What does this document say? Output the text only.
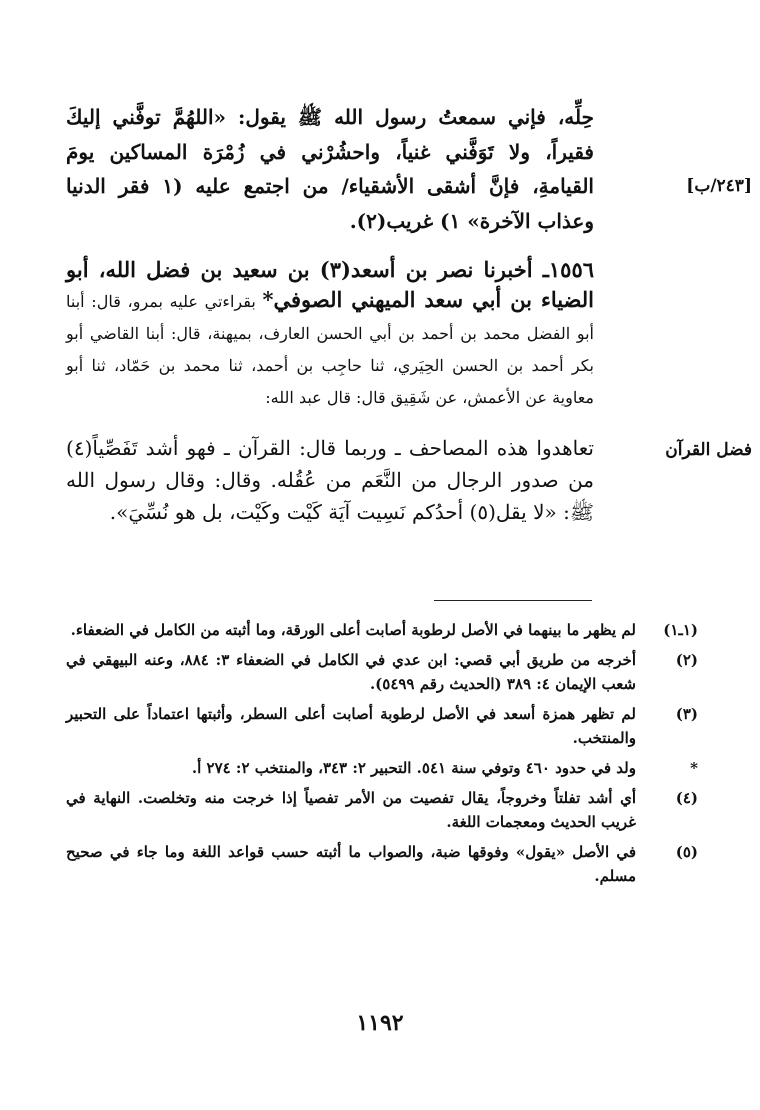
حِلِّه، فإني سمعتُ رسول الله ﷺ يقول: «اللهُمَّ توفَّني إليكَ فقيراً، ولا تَوَفَّني غنياً، واحشُرْني في زُمْرَة المساكين يومَ القيامةِ، فإنَّ أشقى الأشقياء/ من اجتمع عليه (١ فقر الدنيا وعذاب الآخرة» ١) غريب(٢).
[٢٤٣/ب]
١٥٥٦ـ أخبرنا نصر بن أسعد(٣) بن سعيد بن فضل الله، أبو الضياء بن أبي سعد الميهني الصوفي* بقراءتي عليه بمرو، قال: أبنا أبو الفضل محمد بن أحمد بن أبي الحسن العارف، بميهنة، قال: أبنا القاضي أبو بكر أحمد بن الحسن الحِيَري، ثنا حاجِب بن أحمد، ثنا محمد بن حَمّاد، ثنا أبو معاوية عن الأعمش، عن شَقِيق قال: قال عبد الله:
فضل القرآن
تعاهدوا هذه المصاحف ـ وربما قال: القرآن ـ فهو أشد تَفَصِّياً(٤) من صدور الرجال من النَّعَم من عُقُله. وقال: وقال رسول الله ﷺ: «لا يقل(٥) أحدُكم نَسِيت آيَة كَيْت وكَيْت، بل هو نُسِّيَ».
(١ـ١)
لم يظهر ما بينهما في الأصل لرطوبة أصابت أعلى الورقة، وما أثبته من الكامل في الضعفاء.
(٢)
أخرجه من طريق أبي قصي: ابن عدي في الكامل في الضعفاء ٣: ٨٨٤، وعنه البيهقي في شعب الإيمان ٤: ٣٨٩ (الحديث رقم ٥٤٩٩).
(٣)
لم تظهر همزة أسعد في الأصل لرطوبة أصابت أعلى السطر، وأثبتها اعتماداً على التحبير والمنتخب.
*
ولد في حدود ٤٦٠ وتوفي سنة ٥٤١. التحبير ٢: ٣٤٣، والمنتخب ٢: ٢٧٤ أ.
(٤)
أي أشد تفلتاً وخروجاً، يقال تفصيت من الأمر تفصياً إذا خرجت منه وتخلصت. النهاية في غريب الحديث ومعجمات اللغة.
(٥)
في الأصل «يقول» وفوقها ضبة، والصواب ما أثبته حسب قواعد اللغة وما جاء في صحيح مسلم.
١١٩٢
